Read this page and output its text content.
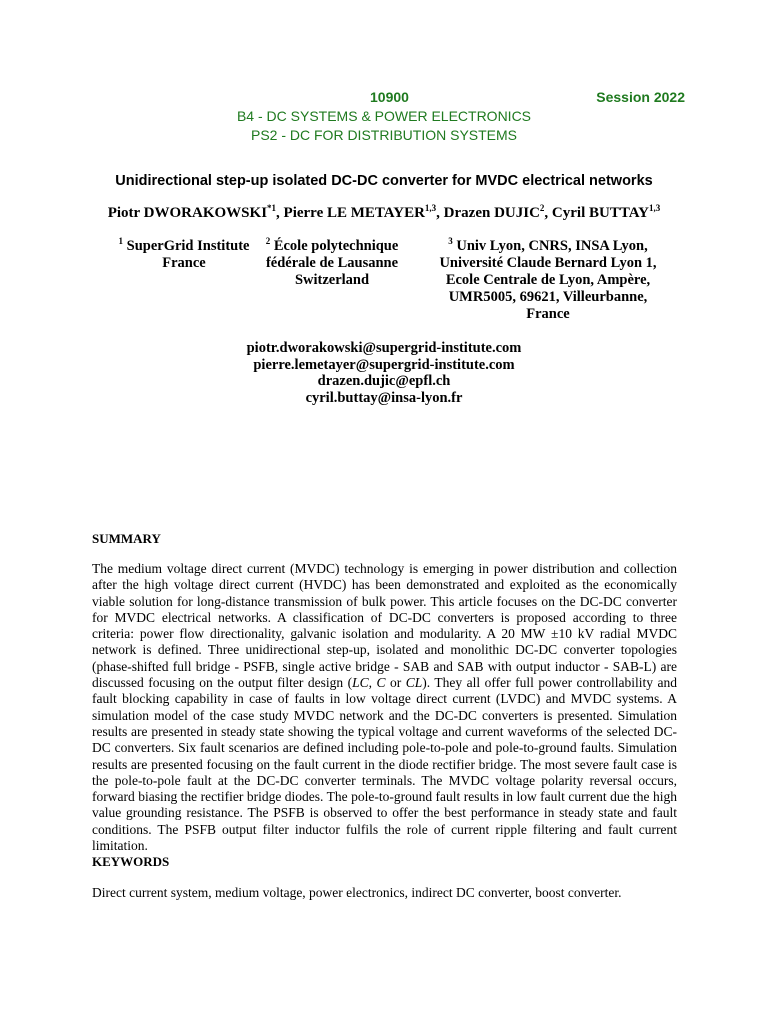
10900	Session 2022
B4 - DC SYSTEMS & POWER ELECTRONICS
PS2 - DC FOR DISTRIBUTION SYSTEMS
Unidirectional step-up isolated DC-DC converter for MVDC electrical networks
Piotr DWORAKOWSKI$^{*1}$, Pierre LE METAYER$^{1,3}$, Drazen DUJIC$^2$, Cyril BUTTAY$^{1,3}$
$^1$ SuperGrid Institute
France
$^2$ École polytechnique
fédérale de Lausanne
Switzerland
$^3$ Univ Lyon, CNRS, INSA Lyon,
Université Claude Bernard Lyon 1,
Ecole Centrale de Lyon, Ampère,
UMR5005, 69621, Villeurbanne,
France
piotr.dworakowski@supergrid-institute.com
pierre.lemetayer@supergrid-institute.com
drazen.dujic@epfl.ch
cyril.buttay@insa-lyon.fr
SUMMARY
The medium voltage direct current (MVDC) technology is emerging in power distribution and collection after the high voltage direct current (HVDC) has been demonstrated and exploited as the economically viable solution for long-distance transmission of bulk power. This article focuses on the DC-DC converter for MVDC electrical networks. A classification of DC-DC converters is proposed according to three criteria: power flow directionality, galvanic isolation and modularity. A 20 MW ±10 kV radial MVDC network is defined. Three unidirectional step-up, isolated and monolithic DC-DC converter topologies (phase-shifted full bridge - PSFB, single active bridge - SAB and SAB with output inductor - SAB-L) are discussed focusing on the output filter design (LC, C or CL). They all offer full power controllability and fault blocking capability in case of faults in low voltage direct current (LVDC) and MVDC systems. A simulation model of the case study MVDC network and the DC-DC converters is presented. Simulation results are presented in steady state showing the typical voltage and current waveforms of the selected DC-DC converters. Six fault scenarios are defined including pole-to-pole and pole-to-ground faults. Simulation results are presented focusing on the fault current in the diode rectifier bridge. The most severe fault case is the pole-to-pole fault at the DC-DC converter terminals. The MVDC voltage polarity reversal occurs, forward biasing the rectifier bridge diodes. The pole-to-ground fault results in low fault current due the high value grounding resistance. The PSFB is observed to offer the best performance in steady state and fault conditions. The PSFB output filter inductor fulfils the role of current ripple filtering and fault current limitation.
KEYWORDS
Direct current system, medium voltage, power electronics, indirect DC converter, boost converter.
